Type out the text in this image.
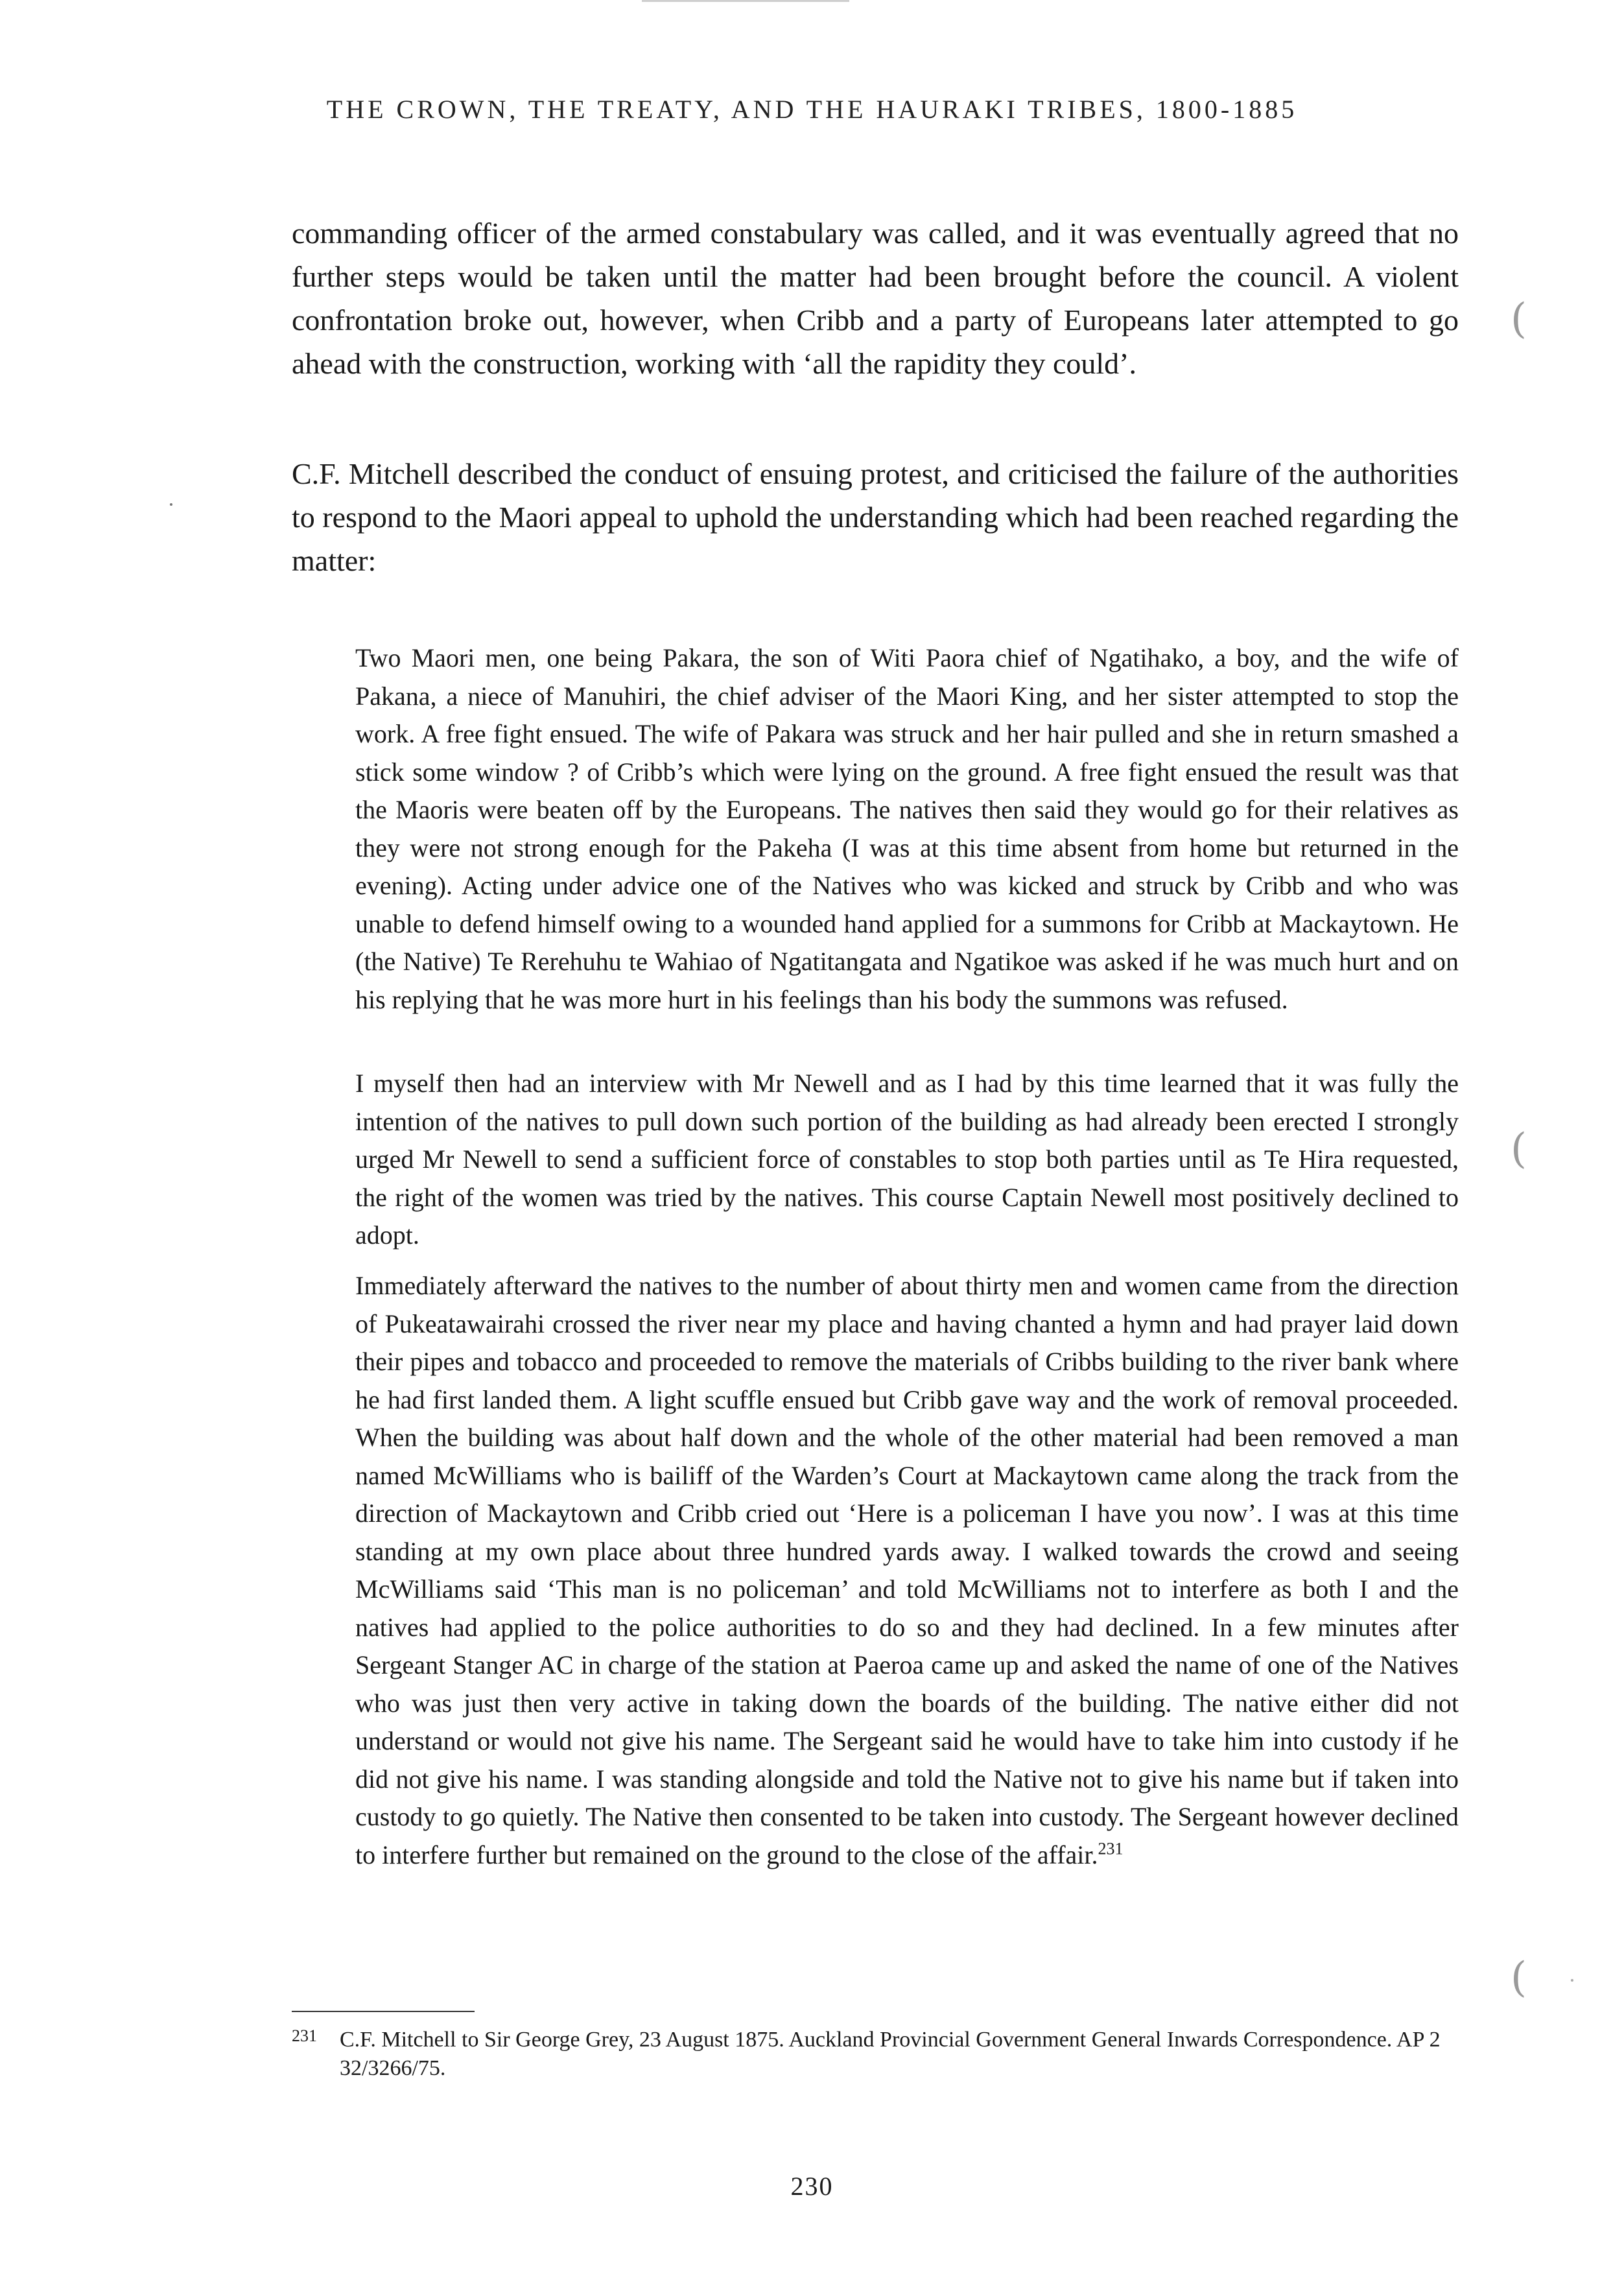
THE CROWN, THE TREATY, AND THE HAURAKI TRIBES, 1800-1885

commanding officer of the armed constabulary was called, and it was eventually agreed that no further steps would be taken until the matter had been brought before the council. A violent confrontation broke out, however, when Cribb and a party of Europeans later attempted to go ahead with the construction, working with ‘all the rapidity they could’.

C.F. Mitchell described the conduct of ensuing protest, and criticised the failure of the authorities to respond to the Maori appeal to uphold the understanding which had been reached regarding the matter:

Two Maori men, one being Pakara, the son of Witi Paora chief of Ngatihako, a boy, and the wife of Pakana, a niece of Manuhiri, the chief adviser of the Maori King, and her sister attempted to stop the work. A free fight ensued. The wife of Pakara was struck and her hair pulled and she in return smashed a stick some window ? of Cribb’s which were lying on the ground. A free fight ensued the result was that the Maoris were beaten off by the Europeans. The natives then said they would go for their relatives as they were not strong enough for the Pakeha (I was at this time absent from home but returned in the evening). Acting under advice one of the Natives who was kicked and struck by Cribb and who was unable to defend himself owing to a wounded hand applied for a summons for Cribb at Mackaytown. He (the Native) Te Rerehuhu te Wahiao of Ngatitangata and Ngatikoe was asked if he was much hurt and on his replying that he was more hurt in his feelings than his body the summons was refused.

I myself then had an interview with Mr Newell and as I had by this time learned that it was fully the intention of the natives to pull down such portion of the building as had already been erected I strongly urged Mr Newell to send a sufficient force of constables to stop both parties until as Te Hira requested, the right of the women was tried by the natives. This course Captain Newell most positively declined to adopt.

Immediately afterward the natives to the number of about thirty men and women came from the direction of Pukeatawairahi crossed the river near my place and having chanted a hymn and had prayer laid down their pipes and tobacco and proceeded to remove the materials of Cribbs building to the river bank where he had first landed them. A light scuffle ensued but Cribb gave way and the work of removal proceeded. When the building was about half down and the whole of the other material had been removed a man named McWilliams who is bailiff of the Warden’s Court at Mackaytown came along the track from the direction of Mackaytown and Cribb cried out ‘Here is a policeman I have you now’. I was at this time standing at my own place about three hundred yards away. I walked towards the crowd and seeing McWilliams said ‘This man is no policeman’ and told McWilliams not to interfere as both I and the natives had applied to the police authorities to do so and they had declined. In a few minutes after Sergeant Stanger AC in charge of the station at Paeroa came up and asked the name of one of the Natives who was just then very active in taking down the boards of the building. The native either did not understand or would not give his name. The Sergeant said he would have to take him into custody if he did not give his name. I was standing alongside and told the Native not to give his name but if taken into custody to go quietly. The Native then consented to be taken into custody. The Sergeant however declined to interfere further but remained on the ground to the close of the affair.$^{231}$

231 C.F. Mitchell to Sir George Grey, 23 August 1875. Auckland Provincial Government General Inwards Correspondence. AP 2 32/3266/75.
230
(
(
(
